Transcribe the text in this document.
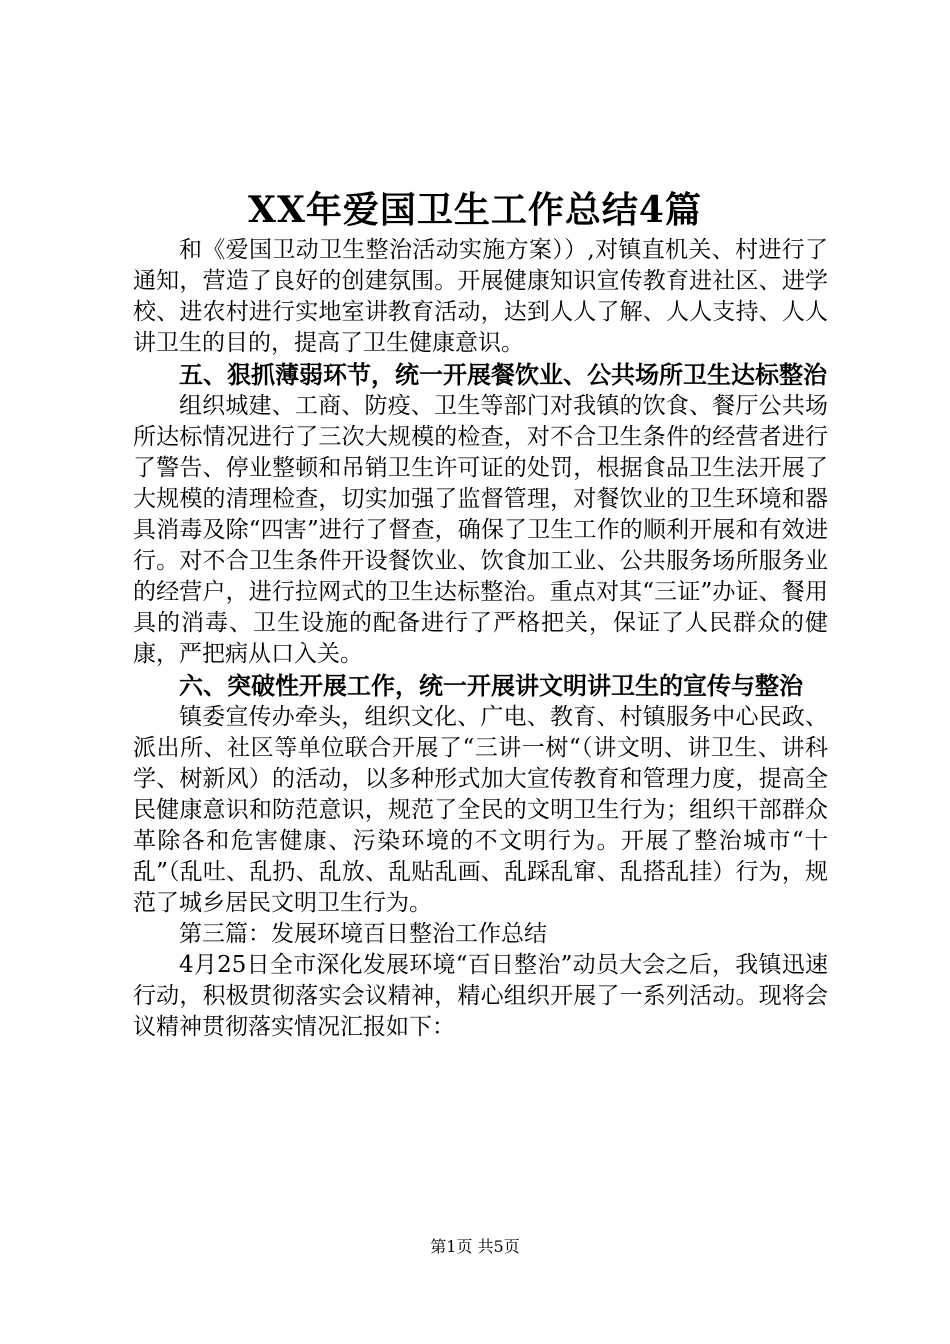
XX年爱国卫生工作总结4篇

和《爱国卫动卫生整治活动实施方案））,对镇直机关、村进行了通知，营造了良好的创建氛围。开展健康知识宣传教育进社区、进学校、进农村进行实地室讲教育活动，达到人人了解、人人支持、人人讲卫生的目的，提高了卫生健康意识。

五、狠抓薄弱环节，统一开展餐饮业、公共场所卫生达标整治

组织城建、工商、防疫、卫生等部门对我镇的饮食、餐厅公共场所达标情况进行了三次大规模的检查，对不合卫生条件的经营者进行了警告、停业整顿和吊销卫生许可证的处罚，根据食品卫生法开展了大规模的清理检查，切实加强了监督管理，对餐饮业的卫生环境和器具消毒及除“四害”进行了督查，确保了卫生工作的顺利开展和有效进行。对不合卫生条件开设餐饮业、饮食加工业、公共服务场所服务业的经营户，进行拉网式的卫生达标整治。重点对其“三证”办证、餐用具的消毒、卫生设施的配备进行了严格把关，保证了人民群众的健康，严把病从口入关。

六、突破性开展工作，统一开展讲文明讲卫生的宣传与整治

镇委宣传办牵头，组织文化、广电、教育、村镇服务中心民政、派出所、社区等单位联合开展了“三讲一树“（讲文明、讲卫生、讲科学、树新风）的活动，以多种形式加大宣传教育和管理力度，提高全民健康意识和防范意识，规范了全民的文明卫生行为；组织干部群众革除各和危害健康、污染环境的不文明行为。开展了整治城市“十乱”（乱吐、乱扔、乱放、乱贴乱画、乱踩乱窜、乱搭乱挂）行为，规范了城乡居民文明卫生行为。

第三篇：发展环境百日整治工作总结

4月25日全市深化发展环境“百日整治”动员大会之后，我镇迅速行动，积极贯彻落实会议精神，精心组织开展了一系列活动。现将会议精神贯彻落实情况汇报如下：

第1页 共5页
